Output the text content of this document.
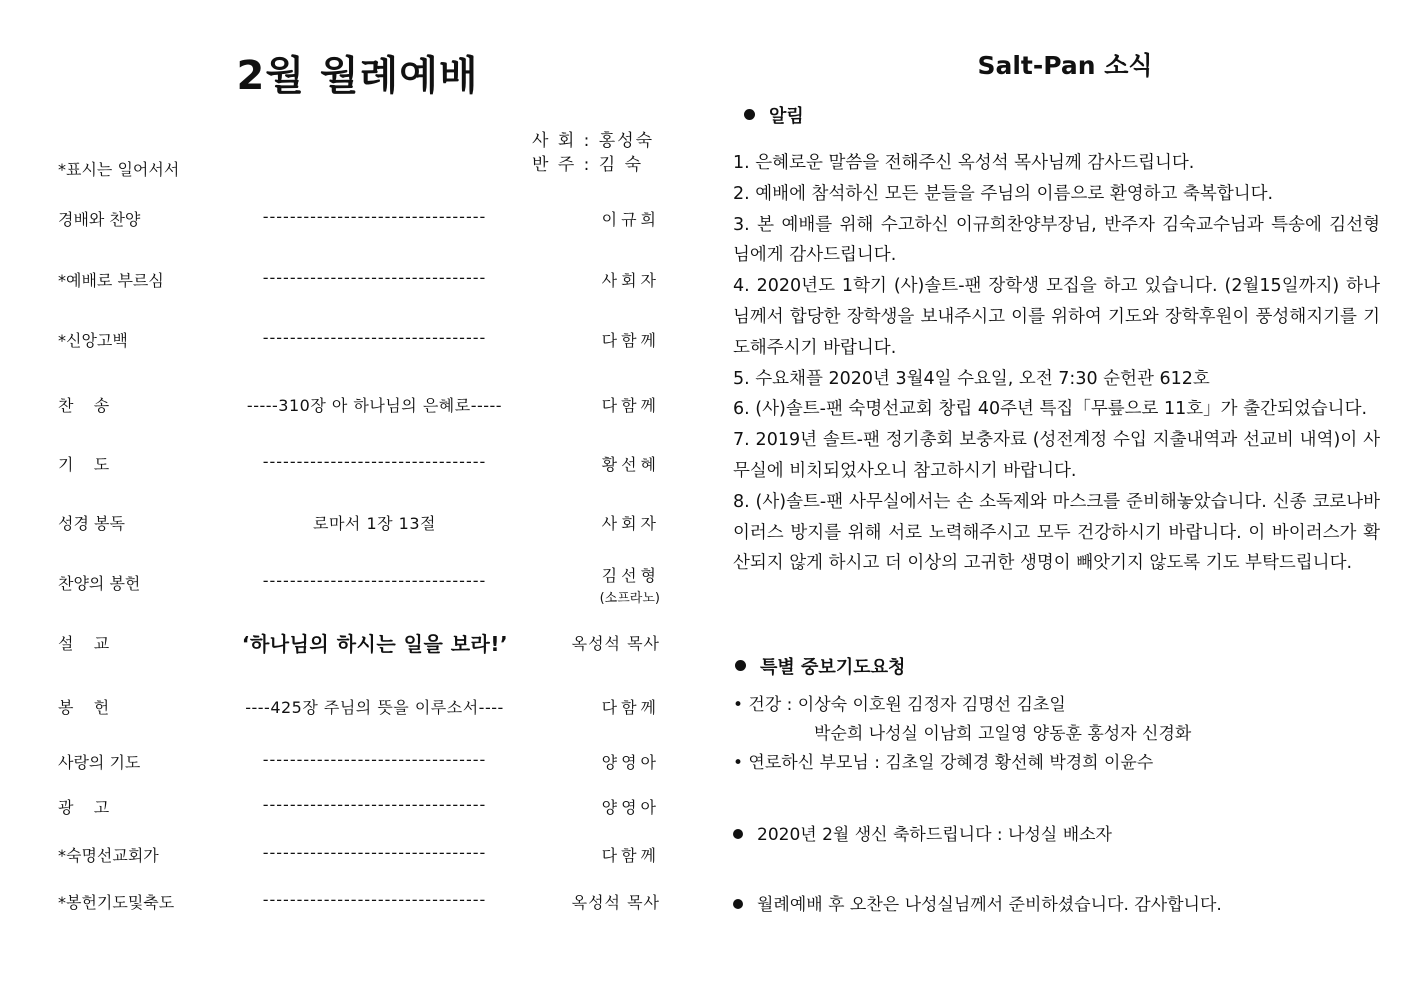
2월 월례예배
사 회 : 홍성숙
반 주 : 김 숙
*표시는 일어서서
경배와 찬양	---------------------------------	이규희
*예배로 부르심	---------------------------------	사회자
*신앙고백	---------------------------------	다함께
찬    송	-----310장 아 하나님의 은혜로-----	다함께
기    도	---------------------------------	황선혜
성경 봉독	로마서 1장 13절	사회자
찬양의 봉헌	---------------------------------	김선형
(소프라노)
설    교	‘하나님의 하시는 일을 보라!’	옥성석 목사
봉    헌	----425장 주님의 뜻을 이루소서----	다함께
사랑의 기도	---------------------------------	양영아
광    고	---------------------------------	양영아
*숙명선교회가	---------------------------------	다함께
*봉헌기도및축도	---------------------------------	옥성석 목사
Salt-Pan 소식
알림

1. 은혜로운 말씀을 전해주신 옥성석 목사님께 감사드립니다.

2. 예배에 참석하신 모든 분들을 주님의 이름으로 환영하고 축복합니다.

3. 본 예배를 위해 수고하신 이규희찬양부장님, 반주자 김숙교수님과 특송에 김선형님에게 감사드립니다.

4. 2020년도 1학기 (사)솔트-팬 장학생 모집을 하고 있습니다. (2월15일까지) 하나님께서 합당한 장학생을 보내주시고 이를 위하여 기도와 장학후원이 풍성해지기를 기도해주시기 바랍니다.

5. 수요채플 2020년 3월4일 수요일, 오전 7:30 순헌관 612호

6. (사)솔트-팬 숙명선교회 창립 40주년 특집「무릎으로 11호」가 출간되었습니다.

7. 2019년 솔트-팬 정기총회 보충자료 (성전계정 수입 지출내역과 선교비 내역)이 사무실에 비치되었사오니 참고하시기 바랍니다.

8. (사)솔트-팬 사무실에서는 손 소독제와 마스크를 준비해놓았습니다. 신종 코로나바이러스 방지를 위해 서로 노력해주시고 모두 건강하시기 바랍니다. 이 바이러스가 확산되지 않게 하시고 더 이상의 고귀한 생명이 빼앗기지 않도록 기도 부탁드립니다.

특별 중보기도요청
• 건강 : 이상숙 이호원 김정자 김명선 김초일
박순희 나성실 이남희 고일영 양동훈 홍성자 신경화
• 연로하신 부모님 : 김초일 강혜경 황선혜 박경희 이윤수
2020년 2월 생신 축하드립니다 : 나성실 배소자
월례예배 후 오찬은 나성실님께서 준비하셨습니다. 감사합니다.
